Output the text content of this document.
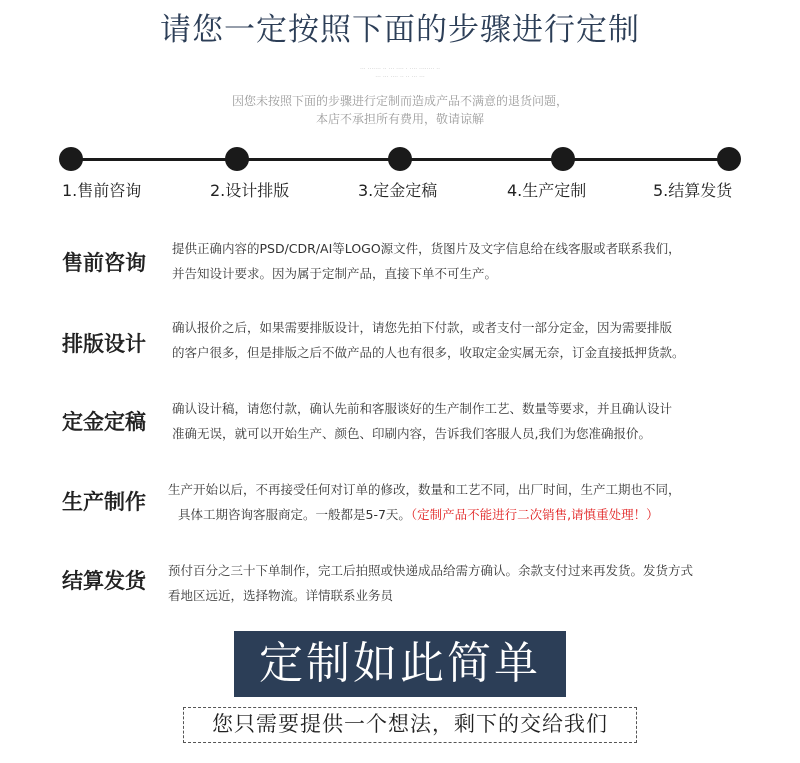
请您一定按照下面的步骤进行定制
··· ······· ·· ··· ···· · ···· ········ ··
··· ··· ···· ·· ·· ··· ···
因您未按照下面的步骤进行定制而造成产品不满意的退货问题，
本店不承担所有费用，敬请谅解
1.售前咨询	2.设计排版	3.定金定稿	4.生产定制	5.结算发货
售前咨询
提供正确内容的PSD/CDR/AI等LOGO源文件，货图片及文字信息给在线客服或者联系我们，
并告知设计要求。因为属于定制产品，直接下单不可生产。
排版设计
确认报价之后，如果需要排版设计，请您先拍下付款，或者支付一部分定金，因为需要排版
的客户很多，但是排版之后不做产品的人也有很多，收取定金实属无奈，订金直接抵押货款。
定金定稿
确认设计稿，请您付款，确认先前和客服谈好的生产制作工艺、数量等要求，并且确认设计
准确无误，就可以开始生产、颜色、印刷内容，告诉我们客服人员,我们为您准确报价。
生产制作
生产开始以后，不再接受任何对订单的修改，数量和工艺不同，出厂时间，生产工期也不同，
具体工期咨询客服商定。一般都是5-7天。（定制产品不能进行二次销售,请慎重处理！）
结算发货 预付百分之三十下单制作，完工后拍照或快递成品给需方确认。余款支付过来再发货。发货方式
看地区远近，选择物流。详情联系业务员
定制如此简单
您只需要提供一个想法，剩下的交给我们
